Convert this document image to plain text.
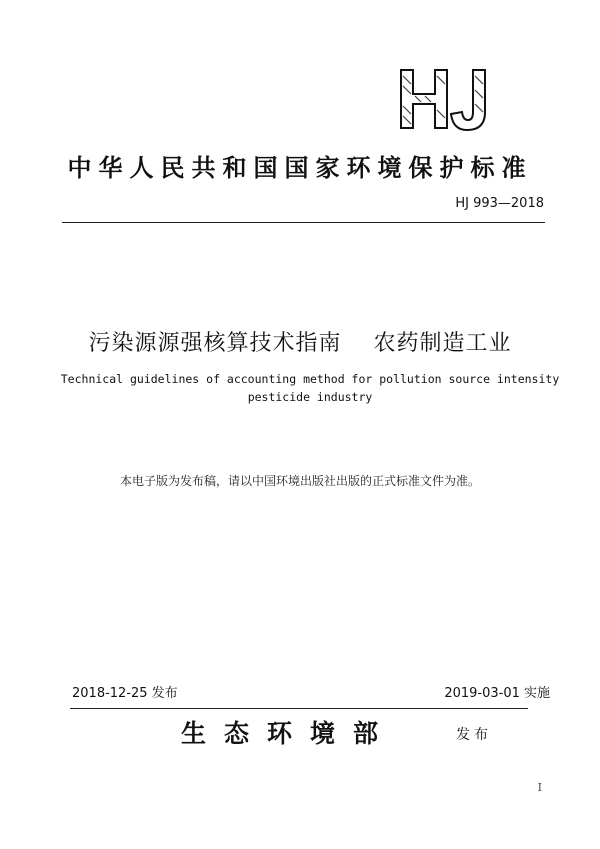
中华人民共和国国家环境保护标准
HJ 993—2018
污染源源强核算技术指南    农药制造工业
Technical guidelines of accounting method for pollution source intensity
pesticide industry
本电子版为发布稿，请以中国环境出版社出版的正式标准文件为准。
2018-12-25 发布	2019-03-01 实施
生态环境部	发布
I
